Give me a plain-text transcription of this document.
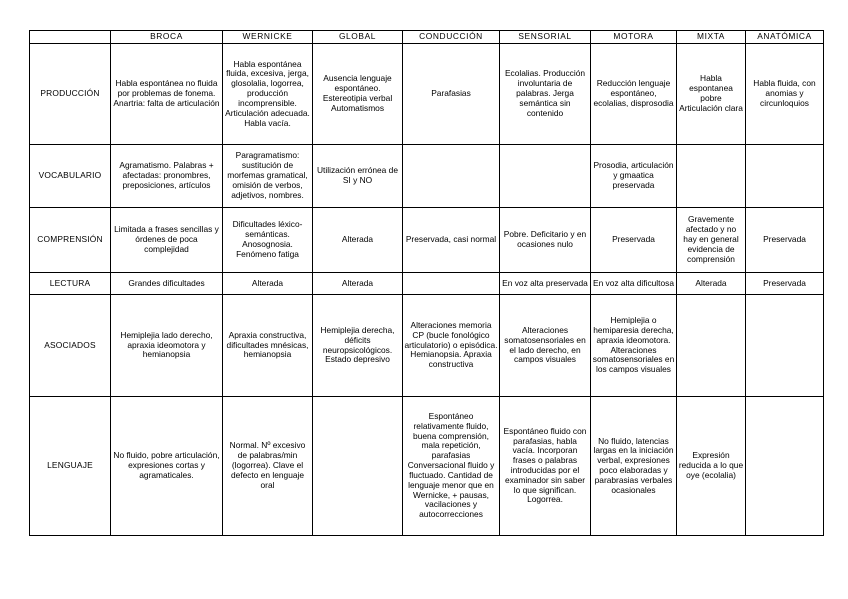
	BROCA	WERNICKE	GLOBAL	CONDUCCIÓN	SENSORIAL	MOTORA	MIXTA	ANATÓMICA
PRODUCCIÓN	Habla espontánea no fluida por problemas de fonema. Anartria: falta de articulación	Habla espontánea fluida, excesiva, jerga, glosolalia, logorrea, producción incomprensible. Articulación adecuada. Habla vacía.	Ausencia lenguaje espontáneo. Estereotipia verbal Automatismos	Parafasias	Ecolalias. Producción involuntaria de palabras. Jerga semántica sin contenido	Reducción lenguaje espontáneo, ecolalias, disprosodia	Habla espontanea pobre Articulación clara	Habla fluida, con anomias y circunloquios
VOCABULARIO	Agramatismo. Palabras + afectadas: pronombres, preposiciones, artículos	Paragramatismo: sustitución de morfemas gramatical, omisión de verbos, adjetivos, nombres.	Utilización errónea de SI y NO			Prosodia, articulación y gmaatica preservada		
COMPRENSIÓN	Limitada a frases sencillas y órdenes de poca complejidad	Dificultades léxico-semánticas. Anosognosia. Fenómeno fatiga	Alterada	Preservada, casi normal	Pobre. Deficitario y en ocasiones nulo	Preservada	Gravemente afectado y no hay en general evidencia de comprensión	Preservada
LECTURA	Grandes dificultades	Alterada	Alterada		En voz alta preservada	En voz alta dificultosa	Alterada	Preservada
ASOCIADOS	Hemiplejia lado derecho, apraxia ideomotora y hemianopsia	Apraxia constructiva, dificultades mnésicas, hemianopsia	Hemiplejia derecha, déficits neuropsicológicos. Estado depresivo	Alteraciones memoria CP (bucle fonológico articulatorio) o episódica. Hemianopsia. Apraxia constructiva	Alteraciones somatosensoriales en el lado derecho, en campos visuales	Hemiplejia o hemiparesia derecha, apraxia ideomotora. Alteraciones somatosensoriales en los campos visuales		
LENGUAJE	No fluido, pobre articulación, expresiones cortas y agramaticales.	Normal. Nº excesivo de palabras/min (logorrea). Clave el defecto en lenguaje oral		Espontáneo relativamente fluido, buena comprensión, mala repetición, parafasias Conversacional fluido y fluctuado. Cantidad de lenguaje menor que en Wernicke, + pausas, vacilaciones y autocorrecciones	Espontáneo fluido con parafasias, habla vacía. Incorporan frases o palabras introducidas por el examinador sin saber lo que significan. Logorrea.	No fluido, latencias largas en la iniciación verbal, expresiones poco elaboradas y parabrasias verbales ocasionales	Expresión reducida a lo que oye (ecolalia)	
